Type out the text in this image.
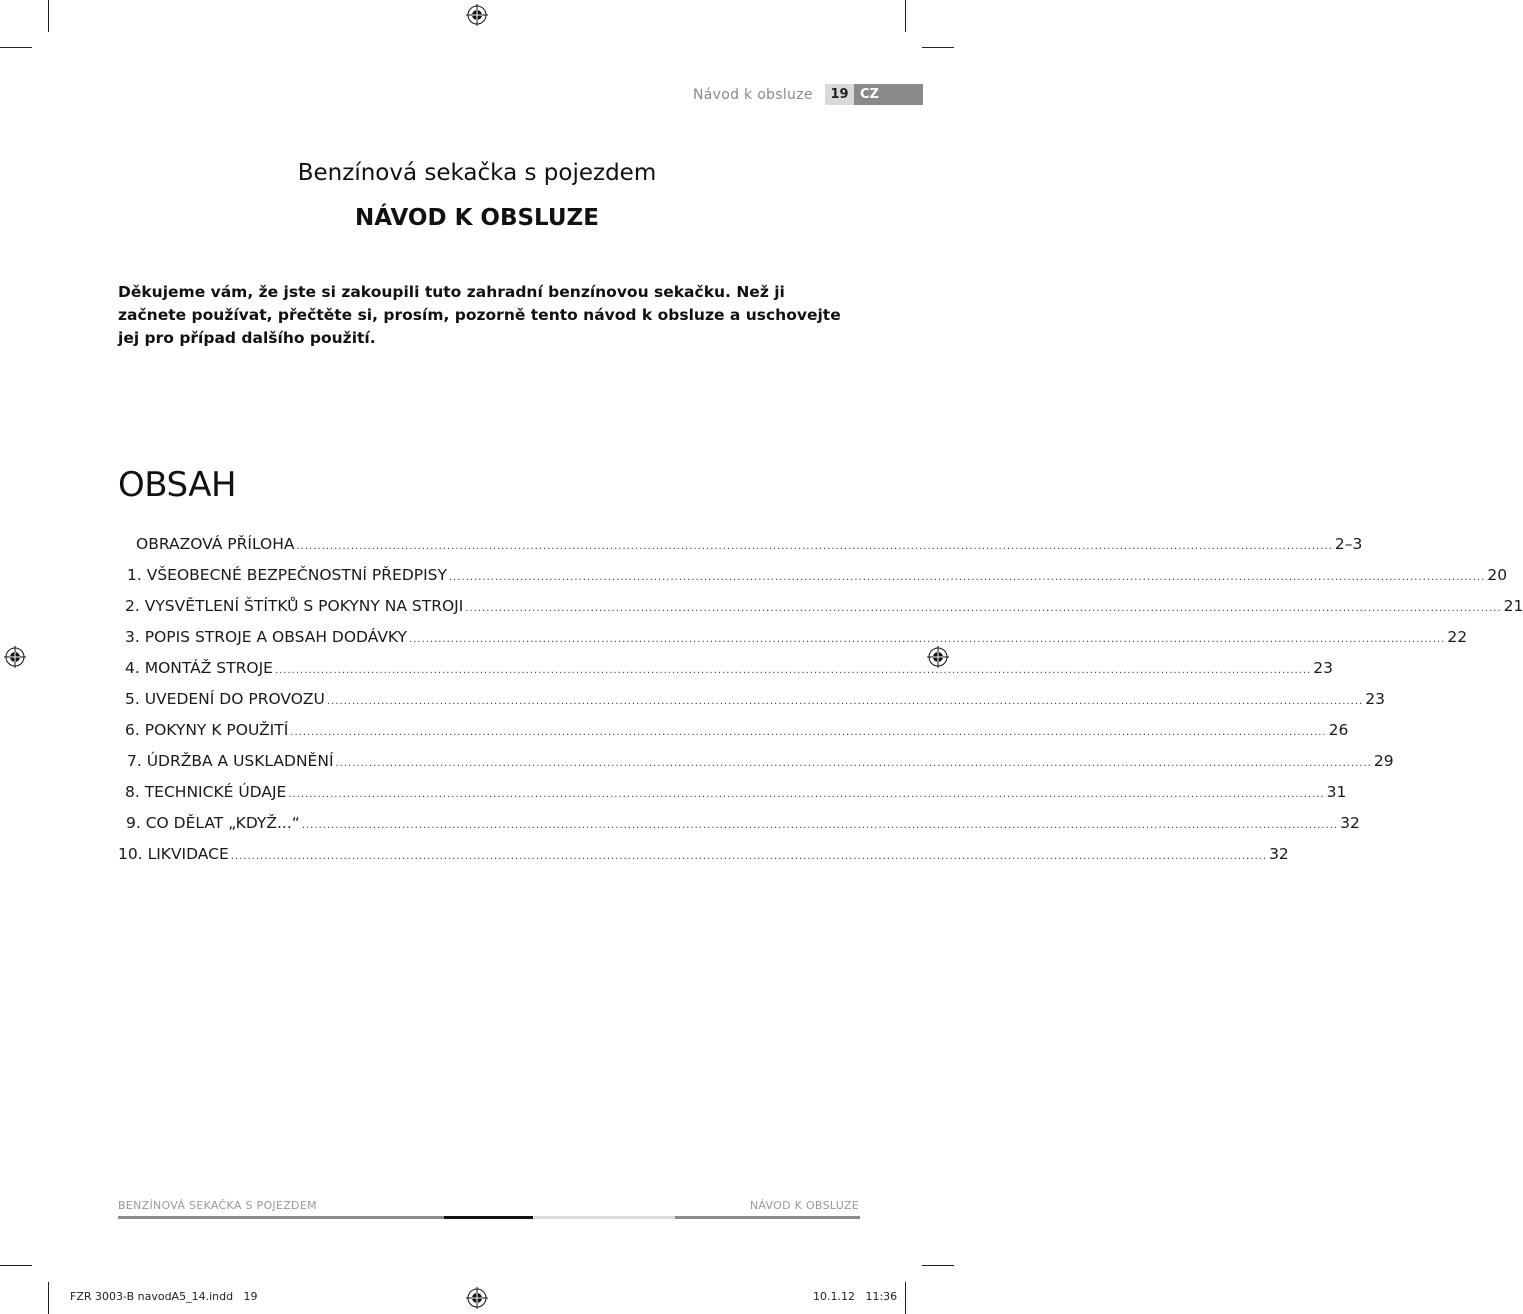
Návod k obsluze	19 CZ
Benzínová sekačka s pojezdem
NÁVOD K OBSLUZE
Děkujeme vám, že jste si zakoupili tuto zahradní benzínovou sekačku. Než ji začnete používat, přečtěte si, prosím, pozorně tento návod k obsluze a uschovejte jej pro případ dalšího použití.
OBSAH
OBRAZOVÁ PŘÍLOHA ........................................................................................................................................................................................................................................................ 2–3
1. VŠEOBECNÉ BEZPEČNOSTNÍ PŘEDPISY ........................................................................................................................................................................................................................................................ 20
2. VYSVĚTLENÍ ŠTÍTKŮ S POKYNY NA STROJI ........................................................................................................................................................................................................................................................ 21
3. POPIS STROJE A OBSAH DODÁVKY ........................................................................................................................................................................................................................................................ 22
4. MONTÁŽ STROJE ........................................................................................................................................................................................................................................................ 23
5. UVEDENÍ DO PROVOZU ........................................................................................................................................................................................................................................................ 23
6. POKYNY K POUŽITÍ ........................................................................................................................................................................................................................................................ 26
7. ÚDRŽBA A USKLADNĚNÍ ........................................................................................................................................................................................................................................................ 29
8. TECHNICKÉ ÚDAJE ........................................................................................................................................................................................................................................................ 31
9. CO DĚLAT „KDYŽ...“ ........................................................................................................................................................................................................................................................ 32
10. LIKVIDACE ........................................................................................................................................................................................................................................................ 32
BENZÍNOVÁ SEKAČKA S POJEZDEM	NÁVOD K OBSLUZE
FZR 3003-B navodA5_14.indd   19	10.1.12   11:36
